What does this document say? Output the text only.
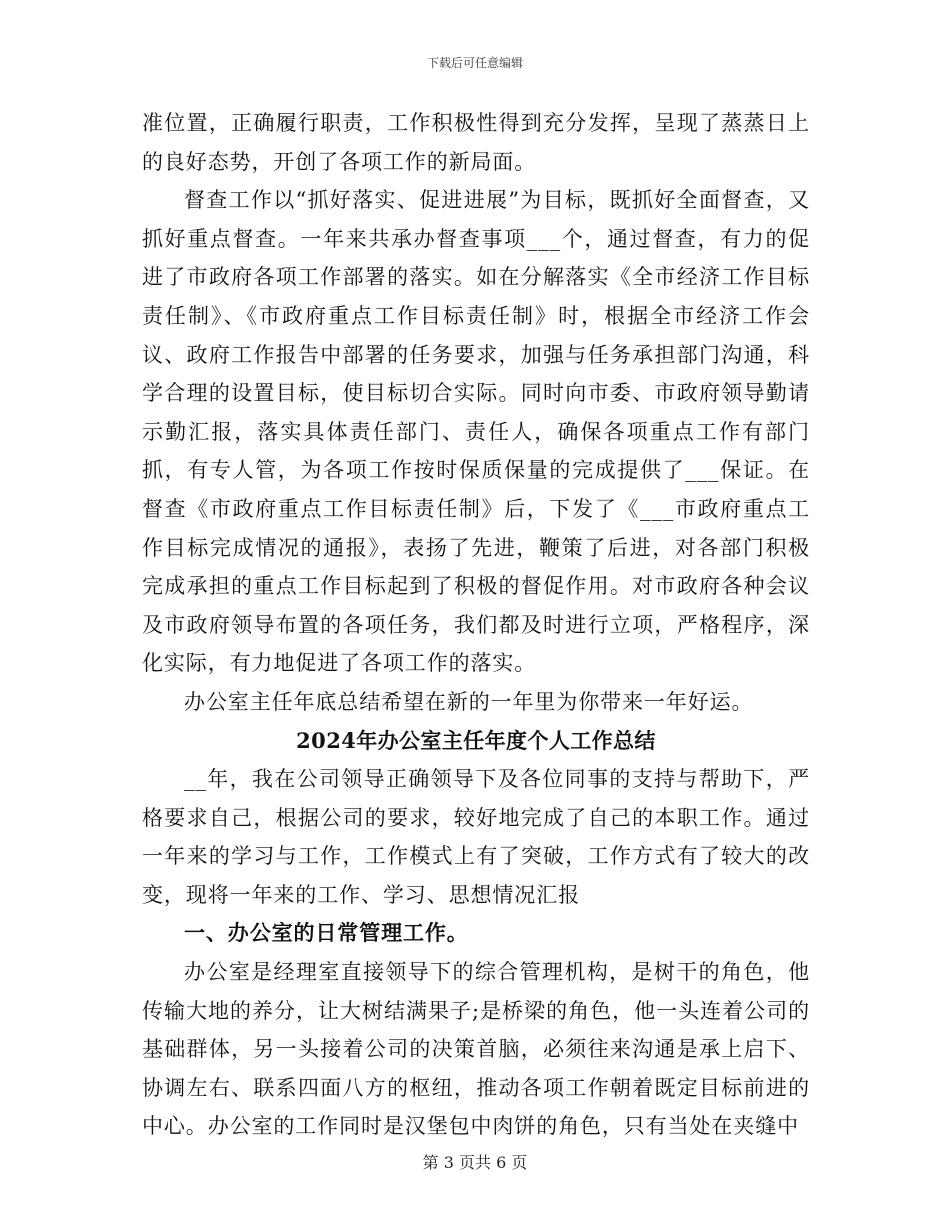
下载后可任意编辑

准位置，正确履行职责，工作积极性得到充分发挥，呈现了蒸蒸日上的良好态势，开创了各项工作的新局面。

督查工作以“抓好落实、促进进展”为目标，既抓好全面督查，又抓好重点督查。一年来共承办督查事项___个，通过督查，有力的促进了市政府各项工作部署的落实。如在分解落实《全市经济工作目标责任制》、《市政府重点工作目标责任制》时，根据全市经济工作会议、政府工作报告中部署的任务要求，加强与任务承担部门沟通，科学合理的设置目标，使目标切合实际。同时向市委、市政府领导勤请示勤汇报，落实具体责任部门、责任人，确保各项重点工作有部门抓，有专人管，为各项工作按时保质保量的完成提供了___保证。在督查《市政府重点工作目标责任制》后，下发了《___市政府重点工作目标完成情况的通报》，表扬了先进，鞭策了后进，对各部门积极完成承担的重点工作目标起到了积极的督促作用。对市政府各种会议及市政府领导布置的各项任务，我们都及时进行立项，严格程序，深化实际，有力地促进了各项工作的落实。

办公室主任年底总结希望在新的一年里为你带来一年好运。

2024年办公室主任年度个人工作总结

__年，我在公司领导正确领导下及各位同事的支持与帮助下，严格要求自己，根据公司的要求，较好地完成了自己的本职工作。通过一年来的学习与工作，工作模式上有了突破，工作方式有了较大的改变，现将一年来的工作、学习、思想情况汇报

一、办公室的日常管理工作。

办公室是经理室直接领导下的综合管理机构，是树干的角色，他传输大地的养分，让大树结满果子;是桥梁的角色，他一头连着公司的基础群体，另一头接着公司的决策首脑，必须往来沟通是承上启下、协调左右、联系四面八方的枢纽，推动各项工作朝着既定目标前进的中心。办公室的工作同时是汉堡包中肉饼的角色，只有当处在夹缝中

第 3 页共 6 页
